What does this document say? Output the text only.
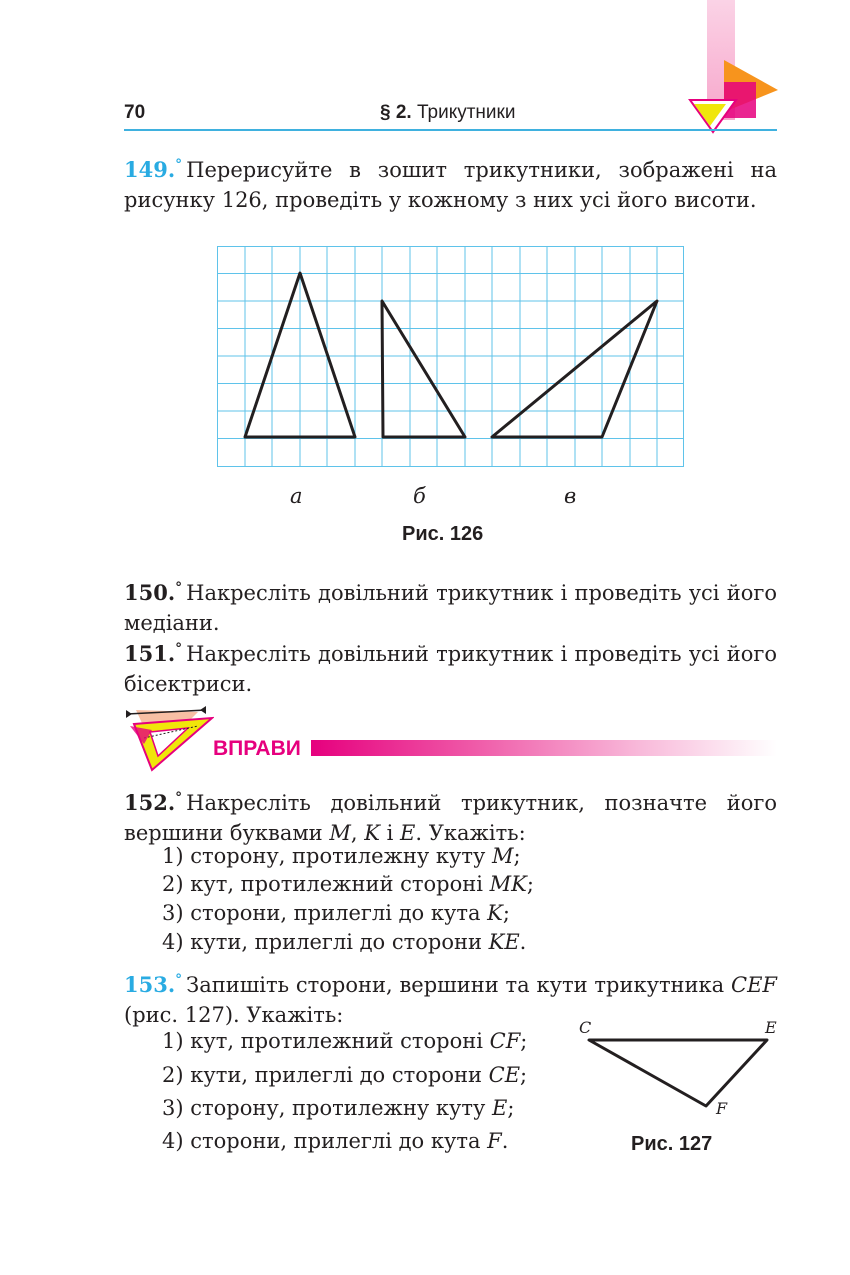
70	§ 2. Трикутники
149.° Перерисуйте в зошит трикутники, зображені на рисунку 126, проведіть у кожному з них усі його висоти.
а	б	в
Рис. 126
150.° Накресліть довільний трикутник і проведіть усі його медіани.
151.° Накресліть довільний трикутник і проведіть усі його бісектриси.
ВПРАВИ
152.° Накресліть довільний трикутник, позначте його вершини буквами M, K і E. Укажіть:
1) сторону, протилежну куту M;
2) кут, протилежний стороні MK;
3) сторони, прилеглі до кута K;
4) кути, прилеглі до сторони KE.
153.° Запишіть сторони, вершини та кути трикутника CEF (рис. 127). Укажіть:
1) кут, протилежний стороні CF;
2) кути, прилеглі до сторони CE;
3) сторону, протилежну куту E;
4) сторони, прилеглі до кута F.
C	E
F
Рис. 127
